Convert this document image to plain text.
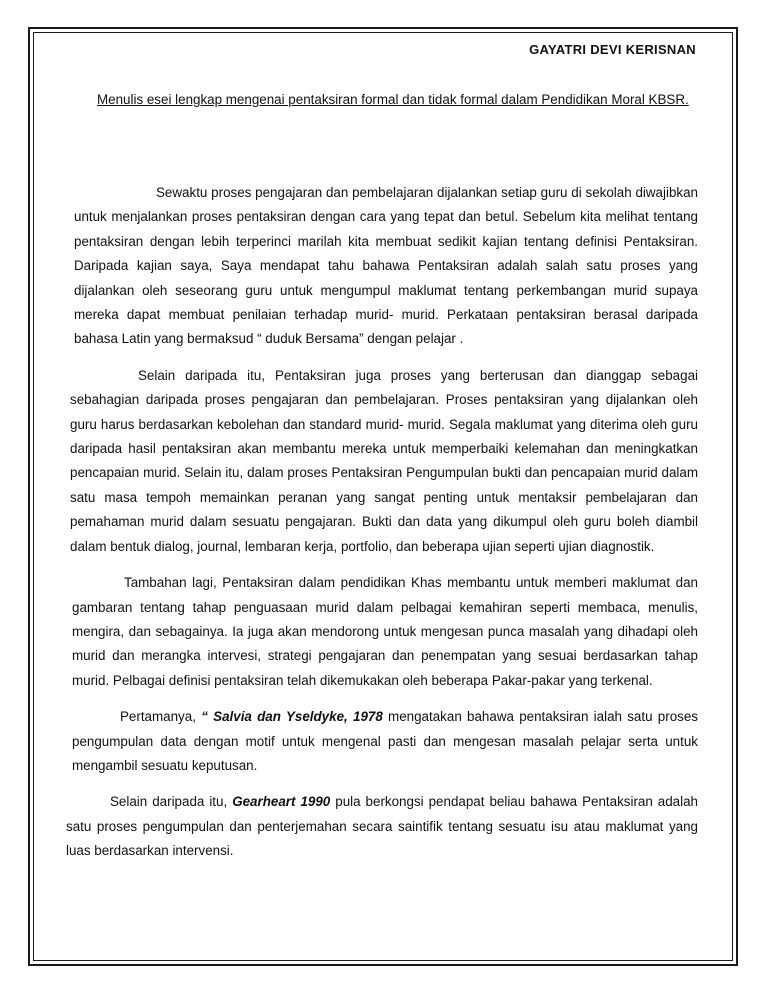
GAYATRI DEVI KERISNAN

Menulis esei lengkap mengenai pentaksiran formal dan tidak formal dalam Pendidikan Moral KBSR.

Sewaktu proses pengajaran dan pembelajaran dijalankan setiap guru di sekolah diwajibkan untuk menjalankan proses pentaksiran dengan cara yang tepat dan betul. Sebelum kita melihat tentang pentaksiran dengan lebih terperinci marilah kita membuat sedikit kajian tentang definisi Pentaksiran. Daripada kajian saya, Saya mendapat tahu bahawa Pentaksiran adalah salah satu proses yang dijalankan oleh seseorang guru untuk mengumpul maklumat tentang perkembangan murid supaya mereka dapat membuat penilaian terhadap murid- murid. Perkataan pentaksiran berasal daripada bahasa Latin yang bermaksud “ duduk Bersama” dengan pelajar .

Selain daripada itu, Pentaksiran juga proses yang berterusan dan dianggap sebagai sebahagian daripada proses pengajaran dan pembelajaran. Proses pentaksiran yang dijalankan oleh guru harus berdasarkan kebolehan dan standard murid- murid. Segala maklumat yang diterima oleh guru daripada hasil pentaksiran akan membantu mereka untuk memperbaiki kelemahan dan meningkatkan pencapaian murid. Selain itu, dalam proses Pentaksiran Pengumpulan bukti dan pencapaian murid dalam satu masa tempoh memainkan peranan yang sangat penting untuk mentaksir pembelajaran dan pemahaman murid dalam sesuatu pengajaran. Bukti dan data yang dikumpul oleh guru boleh diambil dalam bentuk dialog, journal, lembaran kerja, portfolio, dan beberapa ujian seperti ujian diagnostik.

Tambahan lagi, Pentaksiran dalam pendidikan Khas membantu untuk memberi maklumat dan gambaran tentang tahap penguasaan murid dalam pelbagai kemahiran seperti membaca, menulis, mengira, dan sebagainya. Ia juga akan mendorong untuk mengesan punca masalah yang dihadapi oleh murid dan merangka intervesi, strategi pengajaran dan penempatan yang sesuai berdasarkan tahap murid. Pelbagai definisi pentaksiran telah dikemukakan oleh beberapa Pakar-pakar yang terkenal.

Pertamanya, “ Salvia dan Yseldyke, 1978 mengatakan bahawa pentaksiran ialah satu proses pengumpulan data dengan motif untuk mengenal pasti dan mengesan masalah pelajar serta untuk mengambil sesuatu keputusan.

Selain daripada itu, Gearheart 1990 pula berkongsi pendapat beliau bahawa Pentaksiran adalah satu proses pengumpulan dan penterjemahan secara saintifik tentang sesuatu isu atau maklumat yang luas berdasarkan intervensi.
